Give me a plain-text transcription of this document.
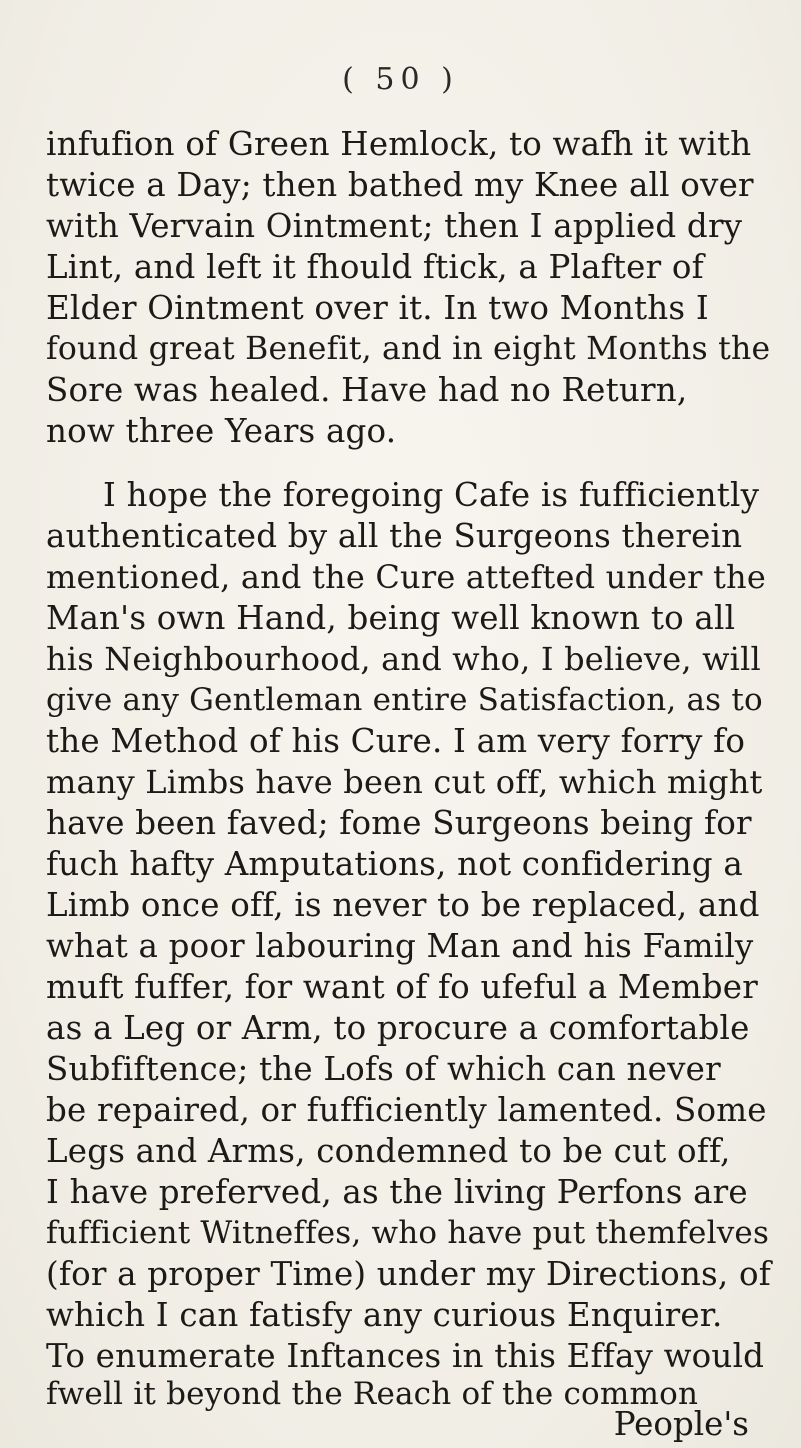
( 50 )
infufion of Green Hemlock, to wafh it with
twice a Day; then bathed my Knee all over
with Vervain Ointment; then I applied dry
Lint, and left it fhould ftick, a Plafter of
Elder Ointment over it. In two Months I
found great Benefit, and in eight Months the
Sore was healed. Have had no Return,
now three Years ago.
I hope the foregoing Cafe is fufficiently
authenticated by all the Surgeons therein
mentioned, and the Cure attefted under the
Man's own Hand, being well known to all
his Neighbourhood, and who, I believe, will
give any Gentleman entire Satisfaction, as to
the Method of his Cure. I am very forry fo
many Limbs have been cut off, which might
have been faved; fome Surgeons being for
fuch hafty Amputations, not confidering a
Limb once off, is never to be replaced, and
what a poor labouring Man and his Family
muft fuffer, for want of fo ufeful a Member
as a Leg or Arm, to procure a comfortable
Subfiftence; the Lofs of which can never
be repaired, or fufficiently lamented. Some
Legs and Arms, condemned to be cut off,
I have preferved, as the living Perfons are
fufficient Witneffes, who have put themfelves
(for a proper Time) under my Directions, of
which I can fatisfy any curious Enquirer.
To enumerate Inftances in this Effay would
fwell it beyond the Reach of the common
People's
